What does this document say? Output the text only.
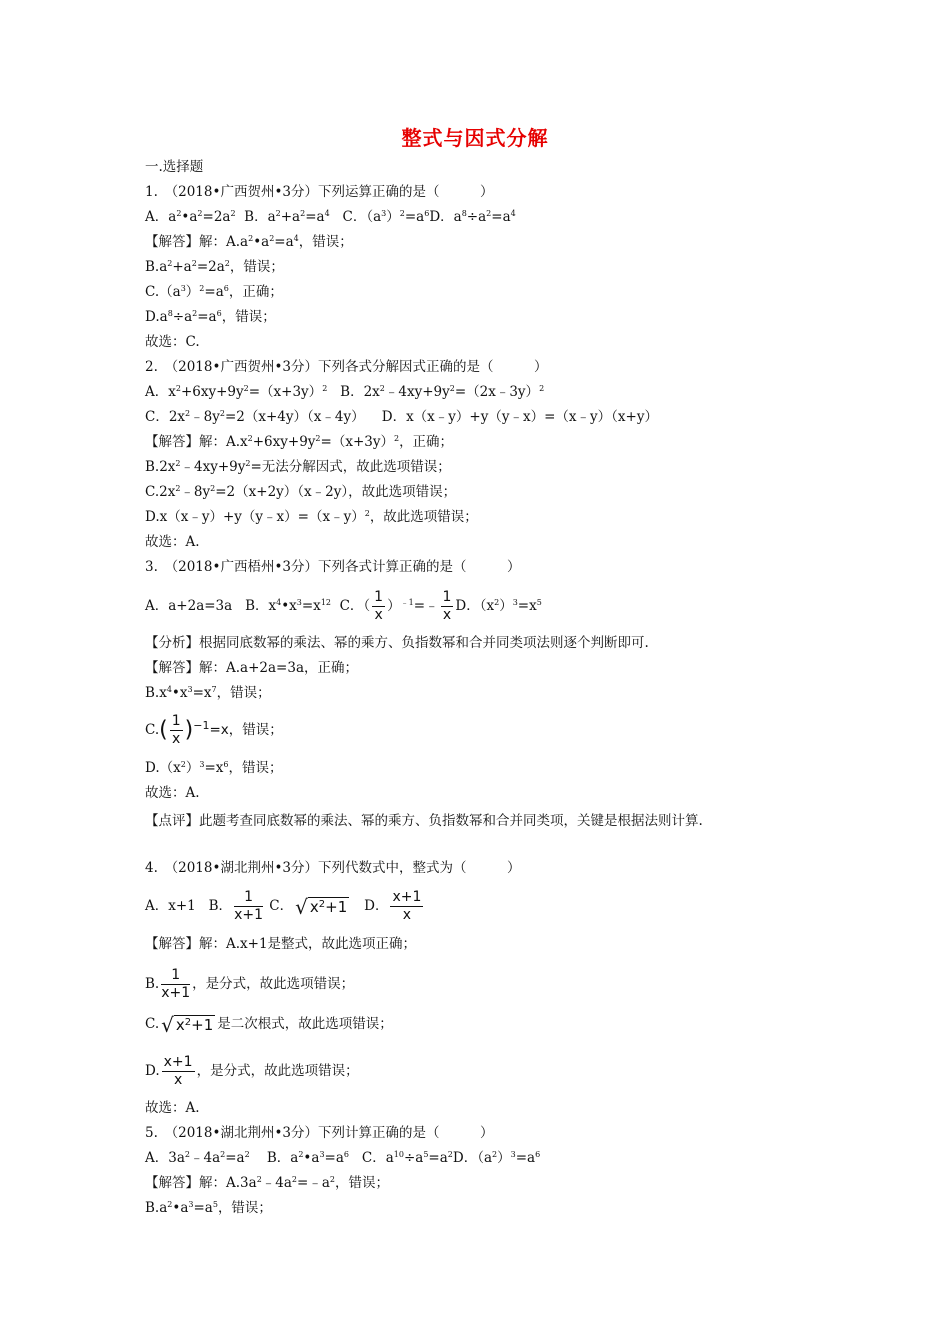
整式与因式分解
一.选择题
1.　（2018•广西贺州•3分）下列运算正确的是（　　　）
A．$a^2•a^2=2a^2$  B．$a^2+a^2=a^4$   C．$(a^3)^2=a^6D$．$a^8\div a^2=a^4$
【解答】解：$A.a^2•a^2=a^4$，错误；
$B.a^2+a^2=2a^2$，错误；
$C.(a^3)^2=a^6$，正确；
$D.a^8\div a^2=a^6$，错误；
故选：C.
2.　（2018•广西贺州•3分）下列各式分解因式正确的是（　　　）
A．$x^2+6xy+9y^2=(x+3y)^2$   B．$2x^2﹣4xy+9y^2=(2x﹣3y)^2$
C．$2x^2﹣8y^2=2(x+4y)(x﹣4y)$    D．x（x﹣y）+y（y﹣x）=（x﹣y）（x+y）
【解答】解：$A.x^2+6xy+9y^2=(x+3y)^2$，正确；
$B.2x^2﹣4xy+9y^2=$无法分解因式，故此选项错误；
$C.2x^2﹣8y^2=2(x+2y)(x﹣2y)$，故此选项错误；
D.x（x﹣y）+y（y﹣x）=（x﹣y）$^2$，故此选项错误；
故选：A.
3.　（2018•广西梧州•3分）下列各式计算正确的是（　　　）
A．a+2a=3a   B．$x^4•x^3=x^{12}$  C．（ $\frac{1}{x}$ ）$^{﹣1}$=﹣ $\frac{1}{x}$ D．$(x^2)^3=x^5$
【分析】根据同底数幂的乘法、幂的乘方、负指数幂和合并同类项法则逐个判断即可.
【解答】解：A.a+2a=3a，正确；
$B.x^4•x^3=x^7$，错误；
$C.( \frac{1}{x} )^{-1}=x$，错误；
$D.(x^2)^3=x^6$，错误；
故选：A.
【点评】此题考查同底数幂的乘法、幂的乘方、负指数幂和合并同类项，关键是根据法则计算.
4.　（2018•湖北荆州•3分）下列代数式中，整式为（　　　）
A．x+1   B． $\frac{1}{x+1}$ C． √ $x^2+1$   D． $\frac{x+1}{x}$
【解答】解：A.x+1是整式，故此选项正确；
B. $\frac{1}{x+1}$ ，是分式，故此选项错误；
C. √ $x^2+1$ 是二次根式，故此选项错误；
D. $\frac{x+1}{x}$ ，是分式，故此选项错误；
故选：A.
5.　（2018•湖北荆州•3分）下列计算正确的是（　　　）
A．$3a^2﹣4a^2=a^2$    B．$a^2•a^3=a^6$   C．$a^{10}\div a^5=a^2D$．$(a^2)^3=a^6$
【解答】解：$A.3a^2﹣4a^2=﹣a^2$，错误；
$B.a^2•a^3=a^5$，错误；
